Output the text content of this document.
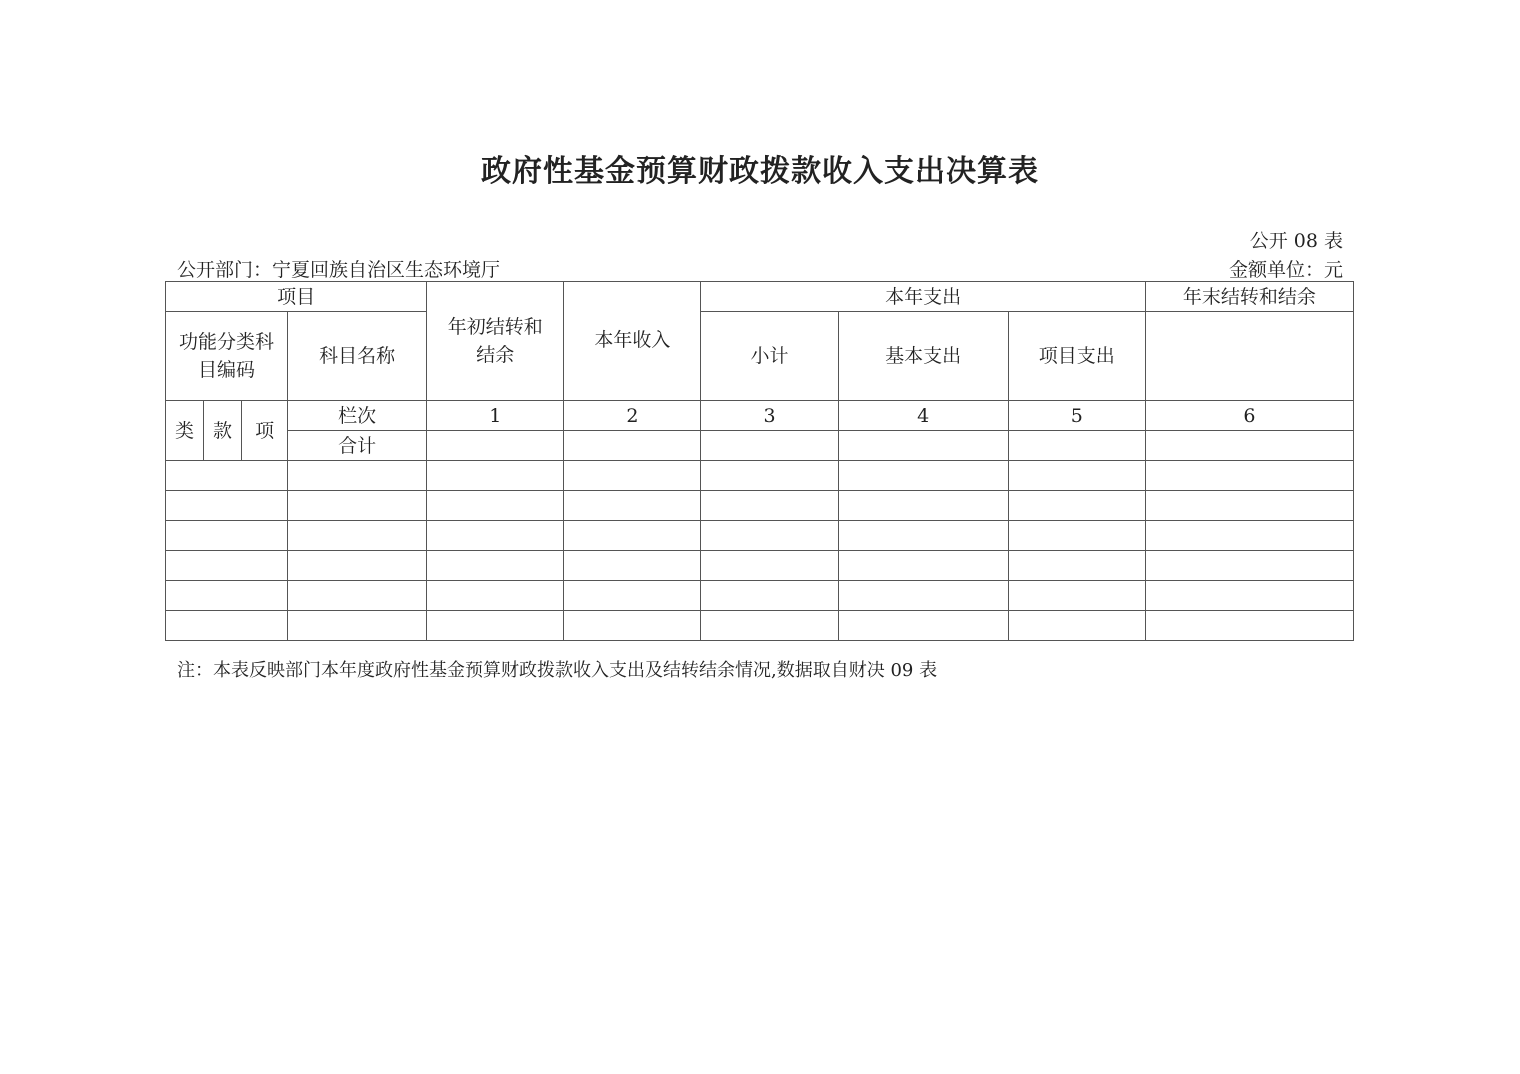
政府性基金预算财政拨款收入支出决算表
公开 08 表
公开部门：宁夏回族自治区生态环境厅	金额单位：元
项目				年初结转和结余	本年收入	本年支出			年末结转和结余
功能分类科目编码			科目名称			小计	基本支出	项目支出	
类	款	项	栏次	1	2	3	4	5	6
			合计						

注：本表反映部门本年度政府性基金预算财政拨款收入支出及结转结余情况,数据取自财决 09 表
